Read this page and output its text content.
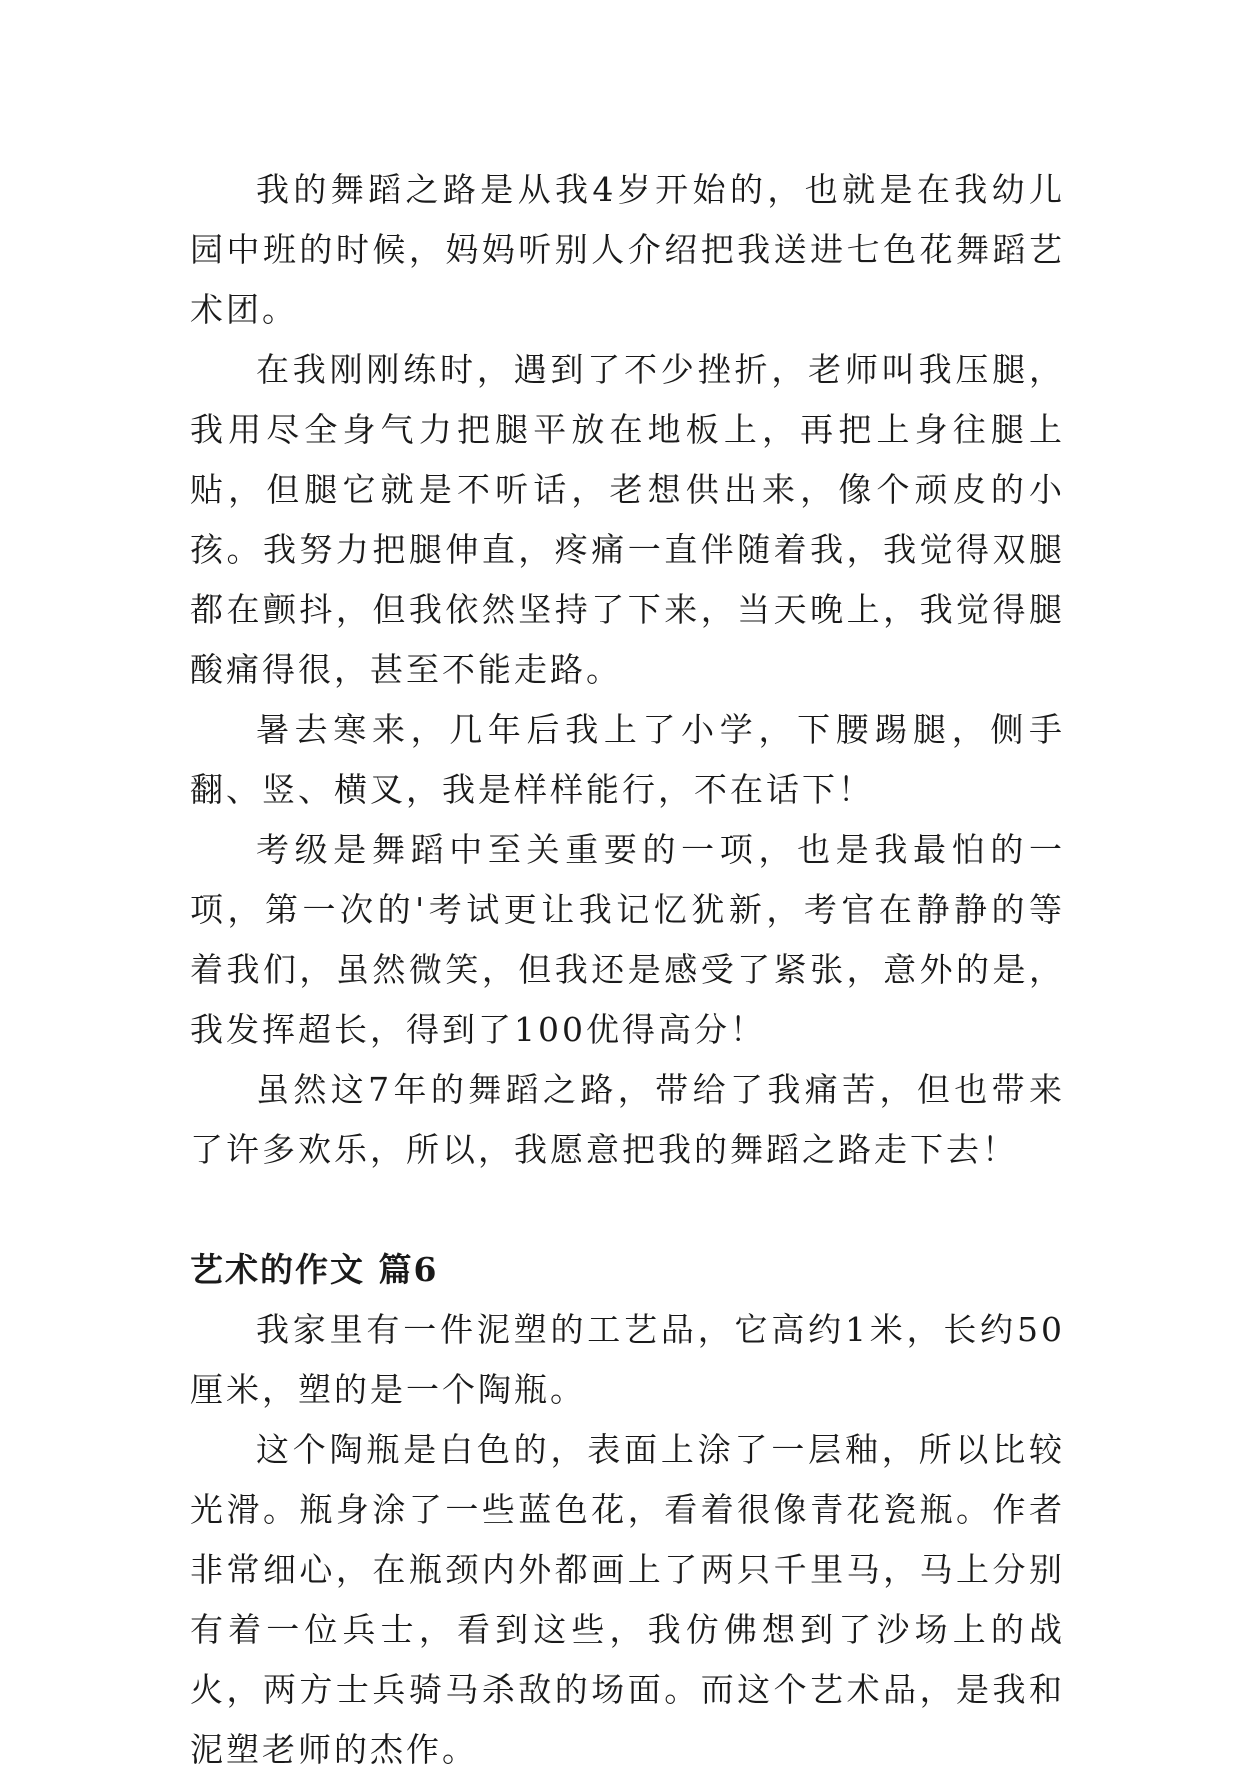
我的舞蹈之路是从我4岁开始的，也就是在我幼儿园中班的时候，妈妈听别人介绍把我送进七色花舞蹈艺术团。

在我刚刚练时，遇到了不少挫折，老师叫我压腿，我用尽全身气力把腿平放在地板上，再把上身往腿上贴，但腿它就是不听话，老想供出来，像个顽皮的小孩。我努力把腿伸直，疼痛一直伴随着我，我觉得双腿都在颤抖，但我依然坚持了下来，当天晚上，我觉得腿酸痛得很，甚至不能走路。

暑去寒来，几年后我上了小学，下腰踢腿，侧手翻、竖、横叉，我是样样能行，不在话下！

考级是舞蹈中至关重要的一项，也是我最怕的一项，第一次的'考试更让我记忆犹新，考官在静静的等着我们，虽然微笑，但我还是感受了紧张，意外的是，我发挥超长，得到了100优得高分！

虽然这7年的舞蹈之路，带给了我痛苦，但也带来了许多欢乐，所以，我愿意把我的舞蹈之路走下去！

艺术的作文 篇6

我家里有一件泥塑的工艺品，它高约1米，长约50厘米，塑的是一个陶瓶。

这个陶瓶是白色的，表面上涂了一层釉，所以比较光滑。瓶身涂了一些蓝色花，看着很像青花瓷瓶。作者非常细心，在瓶颈内外都画上了两只千里马，马上分别有着一位兵士，看到这些，我仿佛想到了沙场上的战火，两方士兵骑马杀敌的场面。而这个艺术品，是我和泥塑老师的杰作。
